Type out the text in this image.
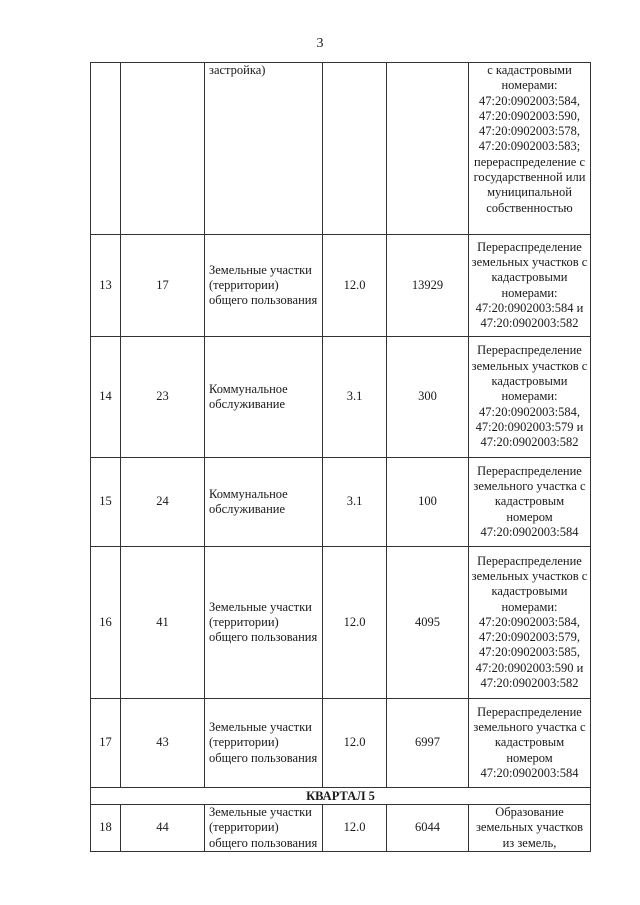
3
		застройка)			с кадастровыми номерами: 47:20:0902003:584, 47:20:0902003:590, 47:20:0902003:578, 47:20:0902003:583; перераспределение с государственной или муниципальной собственностью
13	17	Земельные участки (территории) общего пользования	12.0	13929	Перераспределение земельных участков с кадастровыми номерами: 47:20:0902003:584 и 47:20:0902003:582
14	23	Коммунальное обслуживание	3.1	300	Перераспределение земельных участков с кадастровыми номерами: 47:20:0902003:584, 47:20:0902003:579 и 47:20:0902003:582
15	24	Коммунальное обслуживание	3.1	100	Перераспределение земельного участка с кадастровым номером 47:20:0902003:584
16	41	Земельные участки (территории) общего пользования	12.0	4095	Перераспределение земельных участков с кадастровыми номерами: 47:20:0902003:584, 47:20:0902003:579, 47:20:0902003:585, 47:20:0902003:590 и 47:20:0902003:582
17	43	Земельные участки (территории) общего пользования	12.0	6997	Перераспределение земельного участка с кадастровым номером 47:20:0902003:584
КВАРТАЛ 5					
18	44	Земельные участки (территории) общего пользования	12.0	6044	Образование земельных участков из земель,
